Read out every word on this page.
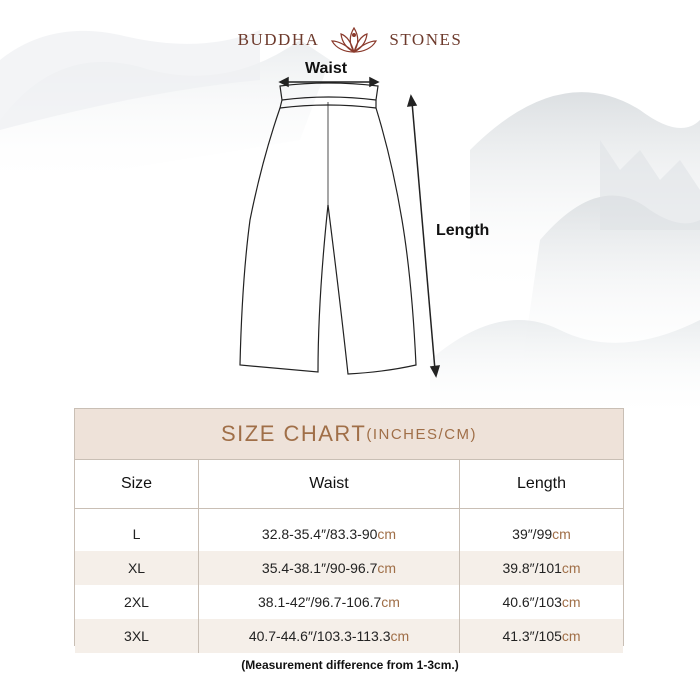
BUDDHA	STONES
Waist
Length
SIZE CHART (INCHES/CM)
Size	Waist	Length

L	32.8-35.4″/83.3-90cm	39″/99cm
XL	35.4-38.1″/90-96.7cm	39.8″/101cm
2XL	38.1-42″/96.7-106.7cm	40.6″/103cm
3XL	40.7-44.6″/103.3-113.3cm	41.3″/105cm
(Measurement difference from 1-3cm.)
